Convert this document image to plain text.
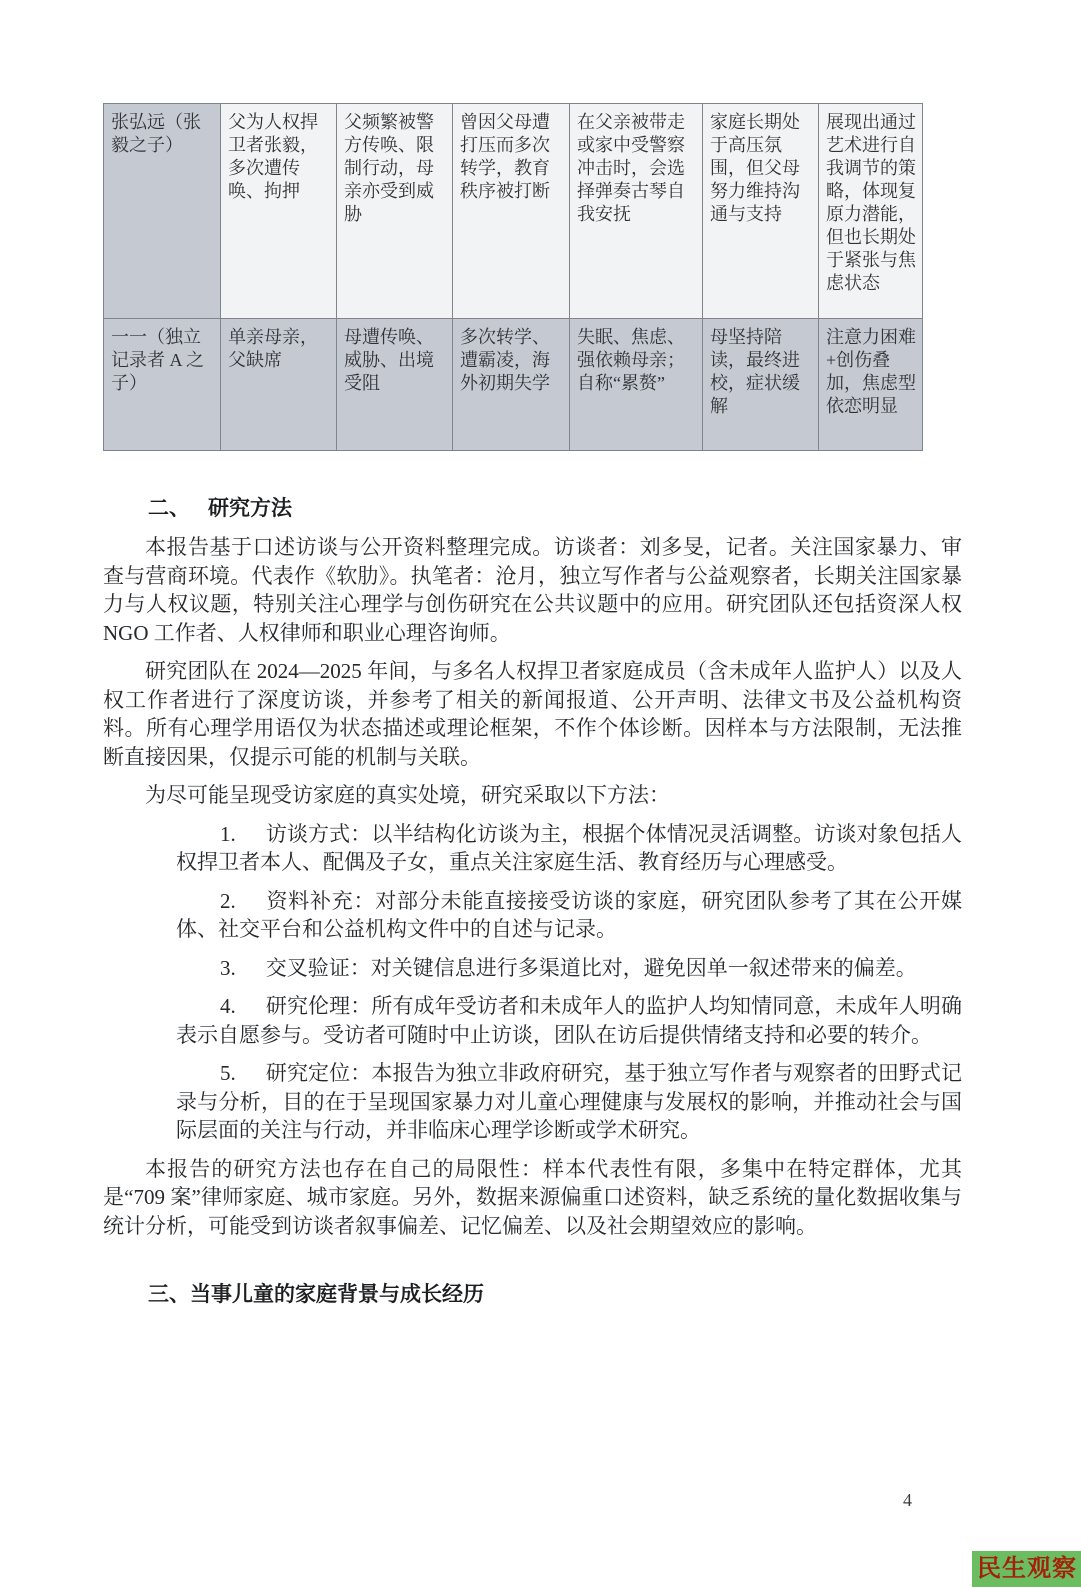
张弘远（张毅之子）	父为人权捍卫者张毅，多次遭传唤、拘押	父频繁被警方传唤、限制行动，母亲亦受到威胁	曾因父母遭打压而多次转学，教育秩序被打断	在父亲被带走或家中受警察冲击时，会选择弹奏古琴自我安抚	家庭长期处于高压氛围，但父母努力维持沟通与支持	展现出通过艺术进行自我调节的策略，体现复原力潜能，但也长期处于紧张与焦虑状态
一一（独立记录者 A 之子）	单亲母亲，父缺席	母遭传唤、威胁、出境受阻	多次转学、遭霸凌，海外初期失学	失眠、焦虑、强依赖母亲；自称“累赘”	母坚持陪读，最终进校，症状缓解	注意力困难+创伤叠加，焦虑型依恋明显
二、 研究方法

本报告基于口述访谈与公开资料整理完成。访谈者：刘多旻，记者。关注国家暴力、审查与营商环境。代表作《软肋》。执笔者：沧月，独立写作者与公益观察者，长期关注国家暴力与人权议题，特别关注心理学与创伤研究在公共议题中的应用。研究团队还包括资深人权 NGO 工作者、人权律师和职业心理咨询师。

研究团队在 2024—2025 年间，与多名人权捍卫者家庭成员（含未成年人监护人）以及人权工作者进行了深度访谈，并参考了相关的新闻报道、公开声明、法律文书及公益机构资料。所有心理学用语仅为状态描述或理论框架，不作个体诊断。因样本与方法限制，无法推断直接因果，仅提示可能的机制与关联。

为尽可能呈现受访家庭的真实处境，研究采取以下方法：

1. 访谈方式：以半结构化访谈为主，根据个体情况灵活调整。访谈对象包括人权捍卫者本人、配偶及子女，重点关注家庭生活、教育经历与心理感受。

2. 资料补充：对部分未能直接接受访谈的家庭，研究团队参考了其在公开媒体、社交平台和公益机构文件中的自述与记录。

3. 交叉验证：对关键信息进行多渠道比对，避免因单一叙述带来的偏差。

4. 研究伦理：所有成年受访者和未成年人的监护人均知情同意，未成年人明确表示自愿参与。受访者可随时中止访谈，团队在访后提供情绪支持和必要的转介。

5. 研究定位：本报告为独立非政府研究，基于独立写作者与观察者的田野式记录与分析，目的在于呈现国家暴力对儿童心理健康与发展权的影响，并推动社会与国际层面的关注与行动，并非临床心理学诊断或学术研究。

本报告的研究方法也存在自己的局限性：样本代表性有限，多集中在特定群体，尤其是“709 案”律师家庭、城市家庭。另外，数据来源偏重口述资料，缺乏系统的量化数据收集与统计分析，可能受到访谈者叙事偏差、记忆偏差、以及社会期望效应的影响。

三、当事儿童的家庭背景与成长经历
4
民生观察
